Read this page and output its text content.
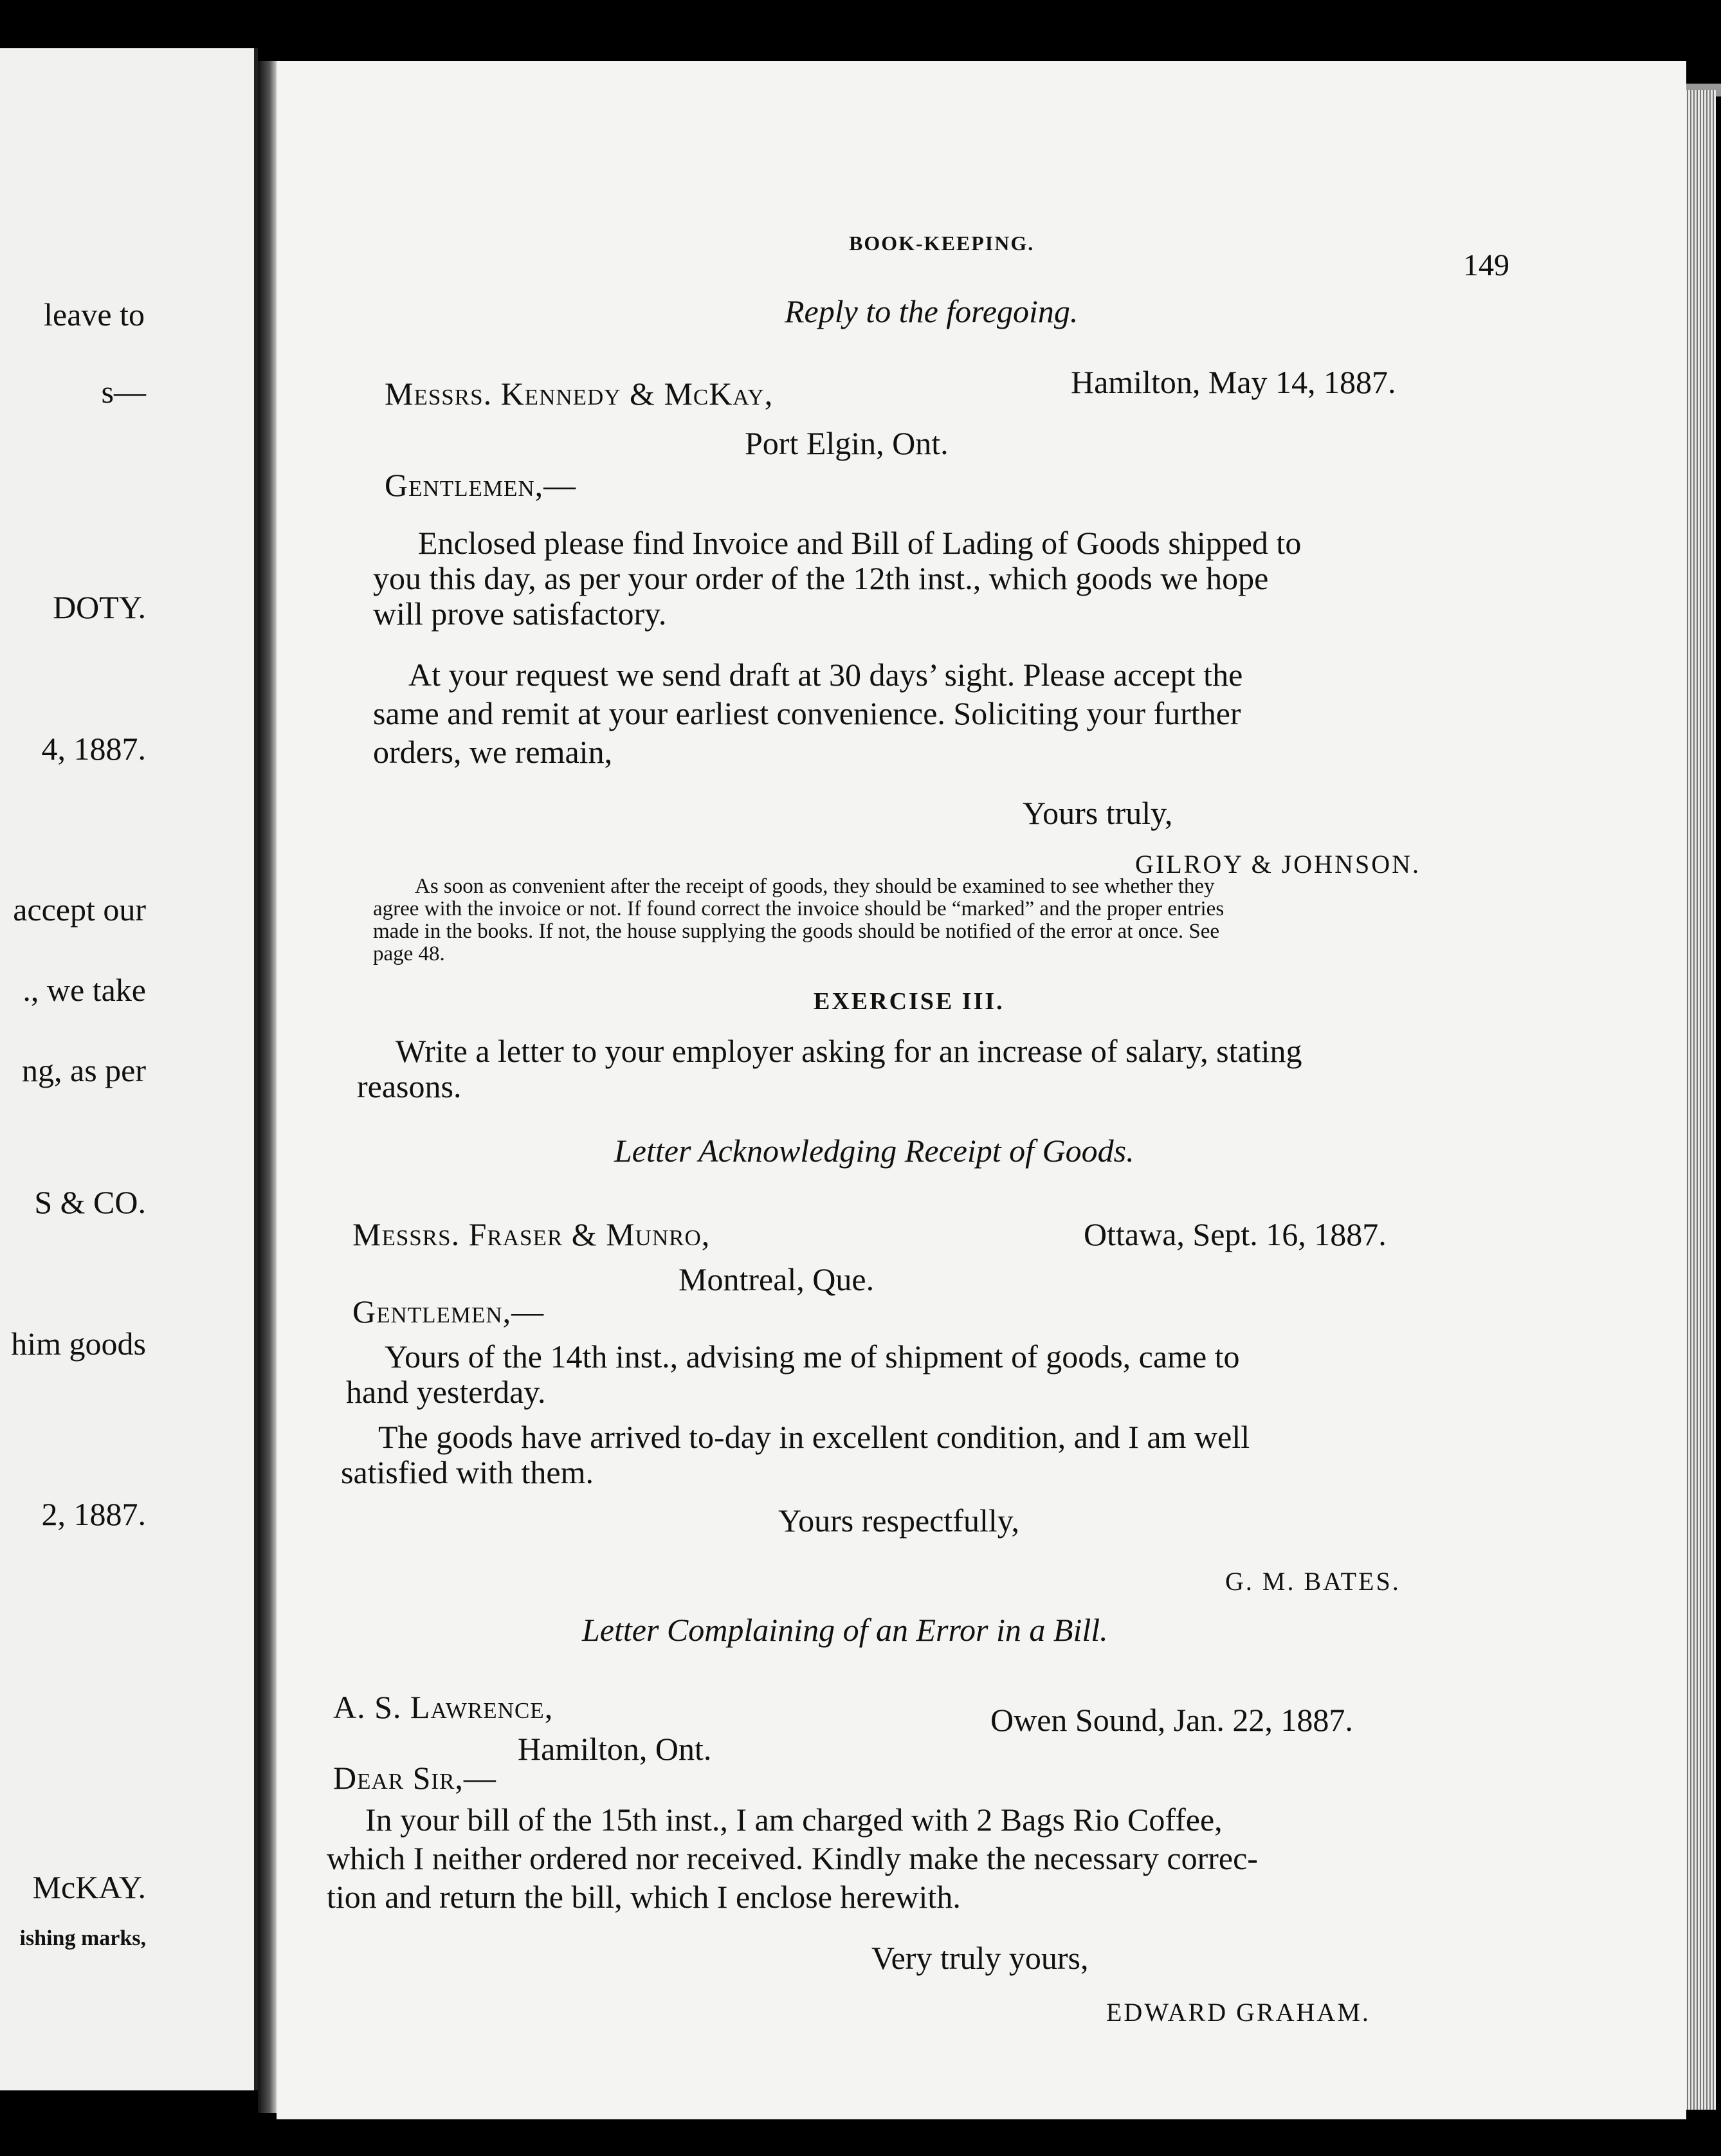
leave to
s—
DOTY.
4, 1887.
accept our
., we take
ng, as per
S & CO.
him goods
2, 1887.
McKAY.
ishing marks,
BOOK-KEEPING.
149
Reply to the foregoing.
Messrs. Kennedy & McKay,	Hamilton, May 14, 1887.
Port Elgin, Ont.
Gentlemen,—
Enclosed please find Invoice and Bill of Lading of Goods shipped to
you this day, as per your order of the 12th inst., which goods we hope
will prove satisfactory.
At your request we send draft at 30 days’ sight. Please accept the
same and remit at your earliest convenience. Soliciting your further
orders, we remain,
Yours truly,
GILROY & JOHNSON.
As soon as convenient after the receipt of goods, they should be examined to see whether they
agree with the invoice or not. If found correct the invoice should be “marked” and the proper entries
made in the books. If not, the house supplying the goods should be notified of the error at once. See
page 48.
EXERCISE III.
Write a letter to your employer asking for an increase of salary, stating
reasons.
Letter Acknowledging Receipt of Goods.
Messrs. Fraser & Munro,	Ottawa, Sept. 16, 1887.
Montreal, Que.
Gentlemen,—
Yours of the 14th inst., advising me of shipment of goods, came to
hand yesterday.
The goods have arrived to-day in excellent condition, and I am well
satisfied with them.
Yours respectfully,
G. M. BATES.
Letter Complaining of an Error in a Bill.
A. S. Lawrence,	Owen Sound, Jan. 22, 1887.
Hamilton, Ont.
Dear Sir,—
In your bill of the 15th inst., I am charged with 2 Bags Rio Coffee,
which I neither ordered nor received. Kindly make the necessary correc-
tion and return the bill, which I enclose herewith.
Very truly yours,
EDWARD GRAHAM.
